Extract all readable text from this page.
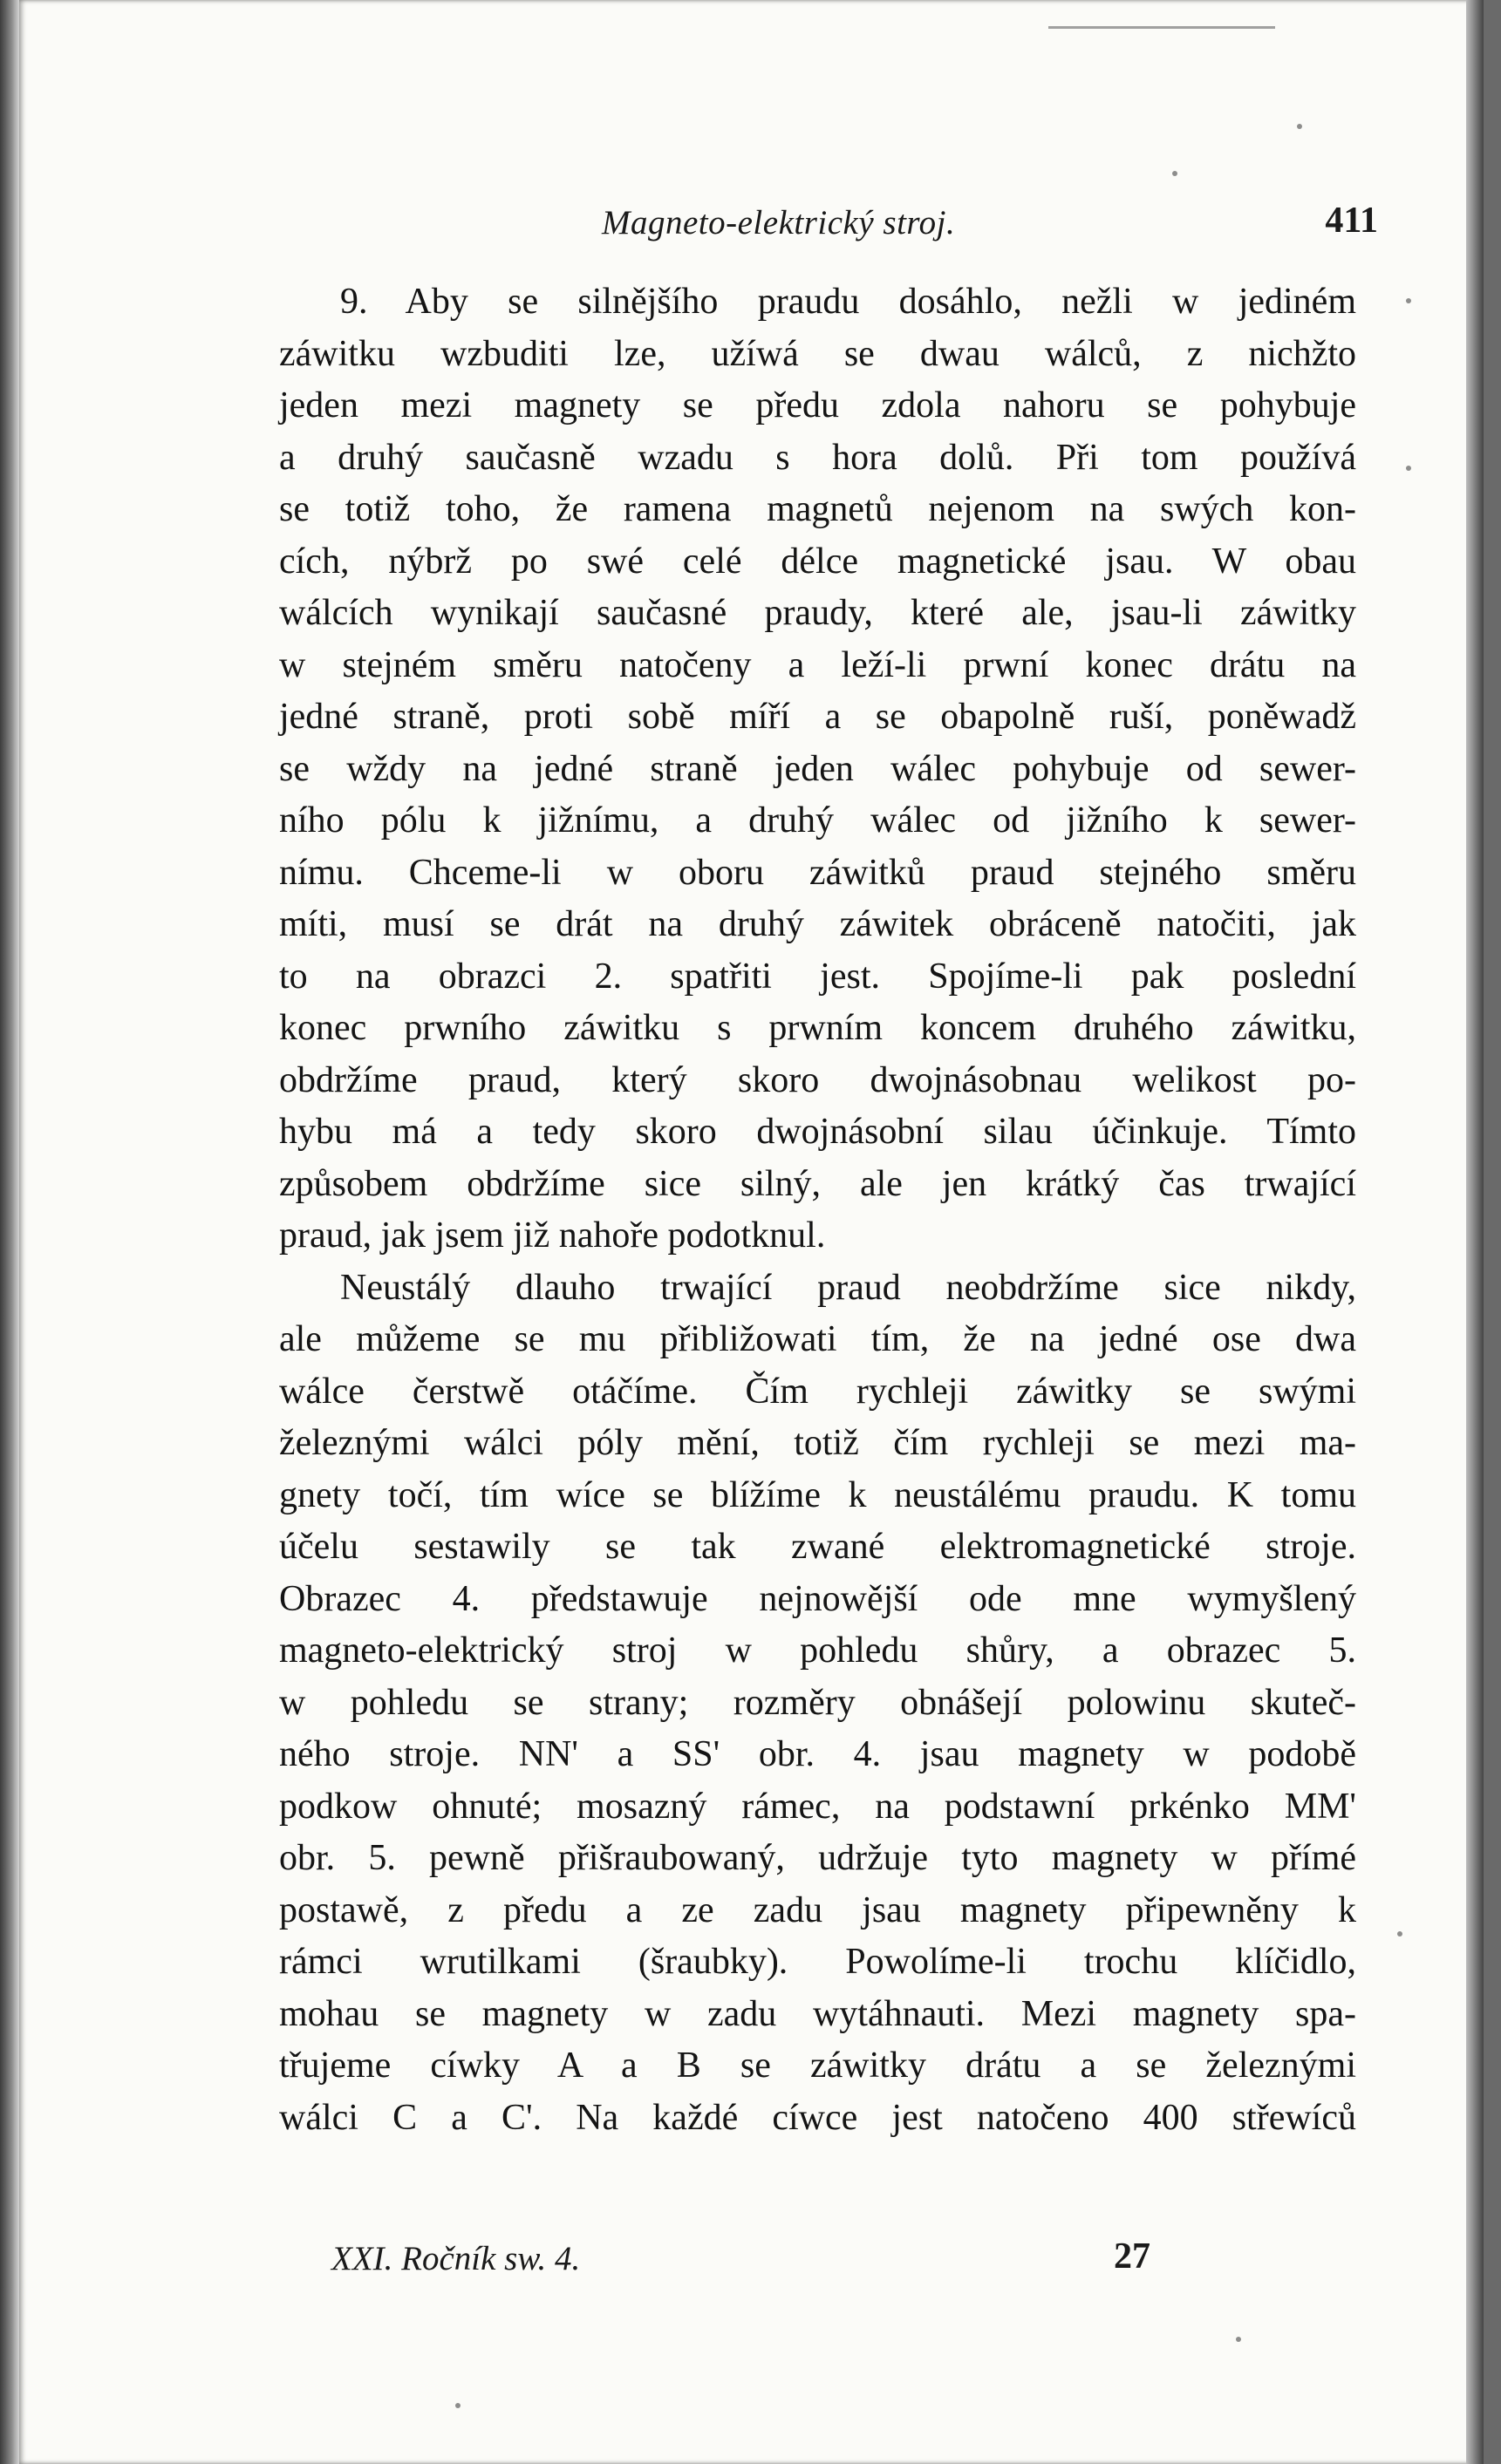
Magneto-elektrický stroj.	411
9. Aby se silnějšího praudu dosáhlo, nežli w jediném
záwitku wzbuditi lze, užíwá se dwau wálců, z nichžto
jeden mezi magnety se předu zdola nahoru se pohybuje
a druhý saučasně wzadu s hora dolů. Při tom používá
se totiž toho, že ramena magnetů nejenom na swých kon-
cích, nýbrž po swé celé délce magnetické jsau. W obau
wálcích wynikají saučasné praudy, které ale, jsau-li záwitky
w stejném směru natočeny a leží-li prwní konec drátu na
jedné straně, proti sobě míří a se obapolně ruší, poněwadž
se wždy na jedné straně jeden wálec pohybuje od sewer-
ního pólu k jižnímu, a druhý wálec od jižního k sewer-
nímu. Chceme-li w oboru záwitků praud stejného směru
míti, musí se drát na druhý záwitek obráceně natočiti, jak
to na obrazci 2. spatřiti jest. Spojíme-li pak poslední
konec prwního záwitku s prwním koncem druhého záwitku,
obdržíme praud, který skoro dwojnásobnau welikost po-
hybu má a tedy skoro dwojnásobní silau účinkuje. Tímto
způsobem obdržíme sice silný, ale jen krátký čas trwající
praud, jak jsem již nahoře podotknul.
Neustálý dlauho trwající praud neobdržíme sice nikdy,
ale můžeme se mu přibližowati tím, že na jedné ose dwa
wálce čerstwě otáčíme. Čím rychleji záwitky se swými
železnými wálci póly mění, totiž čím rychleji se mezi ma-
gnety točí, tím wíce se blížíme k neustálému praudu. K tomu
účelu sestawily se tak zwané elektromagnetické stroje.
Obrazec 4. předstawuje nejnowější ode mne wymyšlený
magneto-elektrický stroj w pohledu shůry, a obrazec 5.
w pohledu se strany; rozměry obnášejí polowinu skuteč-
ného stroje. NN' a SS' obr. 4. jsau magnety w podobě
podkow ohnuté; mosazný rámec, na podstawní prkénko MM'
obr. 5. pewně přišraubowaný, udržuje tyto magnety w přímé
postawě, z předu a ze zadu jsau magnety připewněny k
rámci wrutilkami (šraubky). Powolíme-li trochu klíčidlo,
mohau se magnety w zadu wytáhnauti. Mezi magnety spa-
třujeme cíwky A a B se záwitky drátu a se železnými
wálci C a C'. Na každé cíwce jest natočeno 400 střewíců
XXI. Ročník sw. 4.	27
